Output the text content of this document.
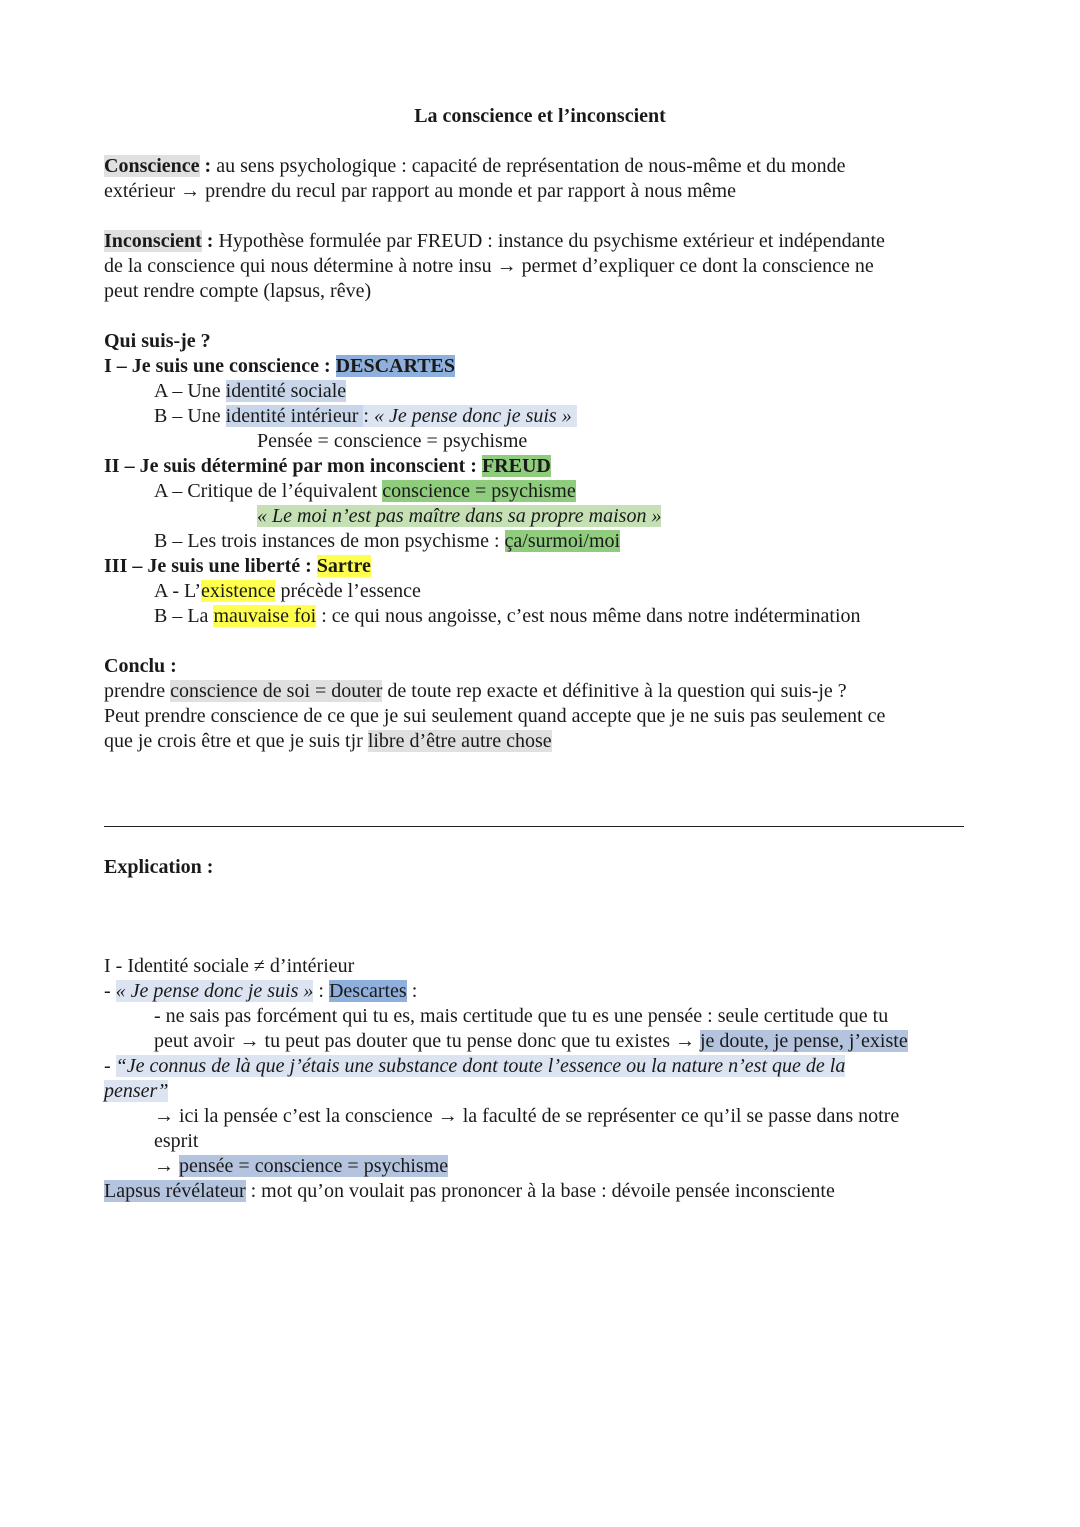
La conscience et l’inconscient
Conscience : au sens psychologique : capacité de représentation de nous-même et du monde
extérieur → prendre du recul par rapport au monde et par rapport à nous même
Inconscient : Hypothèse formulée par FREUD : instance du psychisme extérieur et indépendante
de la conscience qui nous détermine à notre insu → permet d’expliquer ce dont la conscience ne
peut rendre compte (lapsus, rêve)
Qui suis-je ?
I – Je suis une conscience : DESCARTES
A – Une identité sociale
B – Une identité intérieur : « Je pense donc je suis »
Pensée = conscience = psychisme
II – Je suis déterminé par mon inconscient : FREUD
A – Critique de l’équivalent conscience = psychisme
« Le moi n’est pas maître dans sa propre maison »
B – Les trois instances de mon psychisme : ça/surmoi/moi
III – Je suis une liberté : Sartre
A - L’existence précède l’essence
B – La mauvaise foi : ce qui nous angoisse, c’est nous même dans notre indétermination
Conclu :
prendre conscience de soi = douter de toute rep exacte et définitive à la question qui suis-je ?
Peut prendre conscience de ce que je sui seulement quand accepte que je ne suis pas seulement ce
que je crois être et que je suis tjr libre d’être autre chose
Explication :
I - Identité sociale ≠ d’intérieur
- « Je pense donc je suis » : Descartes :
- ne sais pas forcément qui tu es, mais certitude que tu es une pensée : seule certitude que tu
peut avoir → tu peut pas douter que tu pense donc que tu existes → je doute, je pense, j’existe
- “Je connus de là que j’étais une substance dont toute l’essence ou la nature n’est que de la
penser”
→ ici la pensée c’est la conscience → la faculté de se représenter ce qu’il se passe dans notre
esprit
→ pensée = conscience = psychisme
Lapsus révélateur : mot qu’on voulait pas prononcer à la base : dévoile pensée inconsciente
